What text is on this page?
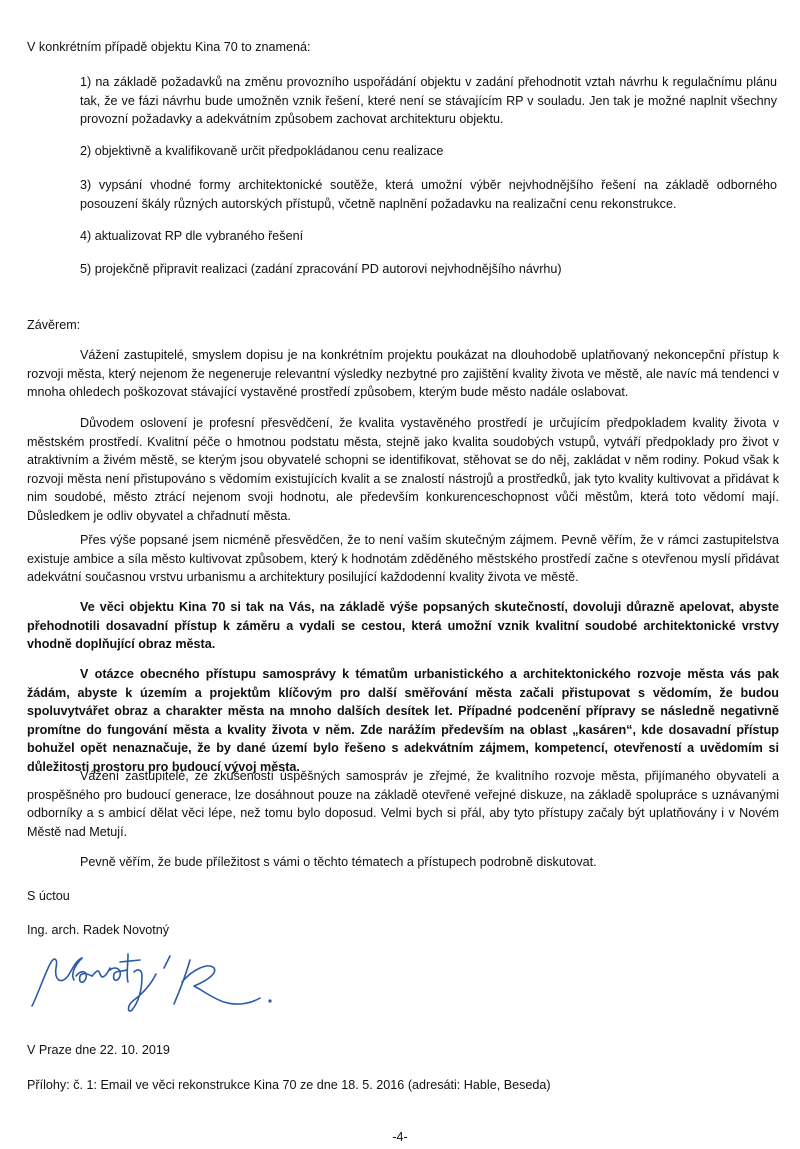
V konkrétním případě objektu Kina 70 to znamená:

1) na základě požadavků na změnu provozního uspořádání objektu v zadání přehodnotit vztah návrhu k regulačnímu plánu tak, že ve fázi návrhu bude umožněn vznik řešení, které není se stávajícím RP v souladu. Jen tak je možné naplnit všechny provozní požadavky a adekvátním způsobem zachovat architekturu objektu.

2) objektivně a kvalifikovaně určit předpokládanou cenu realizace

3) vypsání vhodné formy architektonické soutěže, která umožní výběr nejvhodnějšího řešení na základě odborného posouzení škály různých autorských přístupů, včetně naplnění požadavku na realizační cenu rekonstrukce.

4) aktualizovat RP dle vybraného řešení

5) projekčně připravit realizaci (zadání zpracování PD autorovi nejvhodnějšího návrhu)

Závěrem:

Vážení zastupitelé, smyslem dopisu je na konkrétním projektu poukázat na dlouhodobě uplatňovaný nekoncepční přístup k rozvoji města, který nejenom že negeneruje relevantní výsledky nezbytné pro zajištění kvality života ve městě, ale navíc má tendenci v mnoha ohledech poškozovat stávající vystavěné prostředí způsobem, kterým bude město nadále oslabovat.

Důvodem oslovení je profesní přesvědčení, že kvalita vystavěného prostředí je určujícím předpokladem kvality života v městském prostředí. Kvalitní péče o hmotnou podstatu města, stejně jako kvalita soudobých vstupů, vytváří předpoklady pro život v atraktivním a živém městě, se kterým jsou obyvatelé schopni se identifikovat, stěhovat se do něj, zakládat v něm rodiny. Pokud však k rozvoji města není přistupováno s vědomím existujících kvalit a se znalostí nástrojů a prostředků, jak tyto kvality kultivovat a přidávat k nim soudobé, město ztrácí nejenom svoji hodnotu, ale především konkurenceschopnost vůči městům, která toto vědomí mají. Důsledkem je odliv obyvatel a chřadnutí města.

Přes výše popsané jsem nicméně přesvědčen, že to není vaším skutečným zájmem. Pevně věřím, že v rámci zastupitelstva existuje ambice a síla město kultivovat způsobem, který k hodnotám zděděného městského prostředí začne s otevřenou myslí přidávat adekvátní současnou vrstvu urbanismu a architektury posilující každodenní kvality života ve městě.

Ve věci objektu Kina 70 si tak na Vás, na základě výše popsaných skutečností, dovoluji důrazně apelovat, abyste přehodnotili dosavadní přístup k záměru a vydali se cestou, která umožní vznik kvalitní soudobé architektonické vrstvy vhodně doplňující obraz města.

V otázce obecného přístupu samosprávy k tématům urbanistického a architektonického rozvoje města vás pak žádám, abyste k územím a projektům klíčovým pro další směřování města začali přistupovat s vědomím, že budou spoluvytvářet obraz a charakter města na mnoho dalších desítek let. Případné podcenění přípravy se následně negativně promítne do fungování města a kvality života v něm. Zde narážím především na oblast „kasáren“, kde dosavadní přístup bohužel opět nenaznačuje, že by dané území bylo řešeno s adekvátním zájmem, kompetencí, otevřeností a uvědomím si důležitosti prostoru pro budoucí vývoj města.

Vážení zastupitelé, ze zkušeností úspěšných samospráv je zřejmé, že kvalitního rozvoje města, přijímaného obyvateli a prospěšného pro budoucí generace, lze dosáhnout pouze na základě otevřené veřejné diskuze, na základě spolupráce s uznávanými odborníky a s ambicí dělat věci lépe, než tomu bylo doposud. Velmi bych si přál, aby tyto přístupy začaly být uplatňovány i v Novém Městě nad Metují.

Pevně věřím, že bude příležitost s vámi o těchto tématech a přístupech podrobně diskutovat.

S úctou

Ing. arch. Radek Novotný

V Praze dne 22. 10. 2019

Přílohy: č. 1: Email ve věci rekonstrukce Kina 70 ze dne 18. 5. 2016 (adresáti: Hable, Beseda)

-4-
